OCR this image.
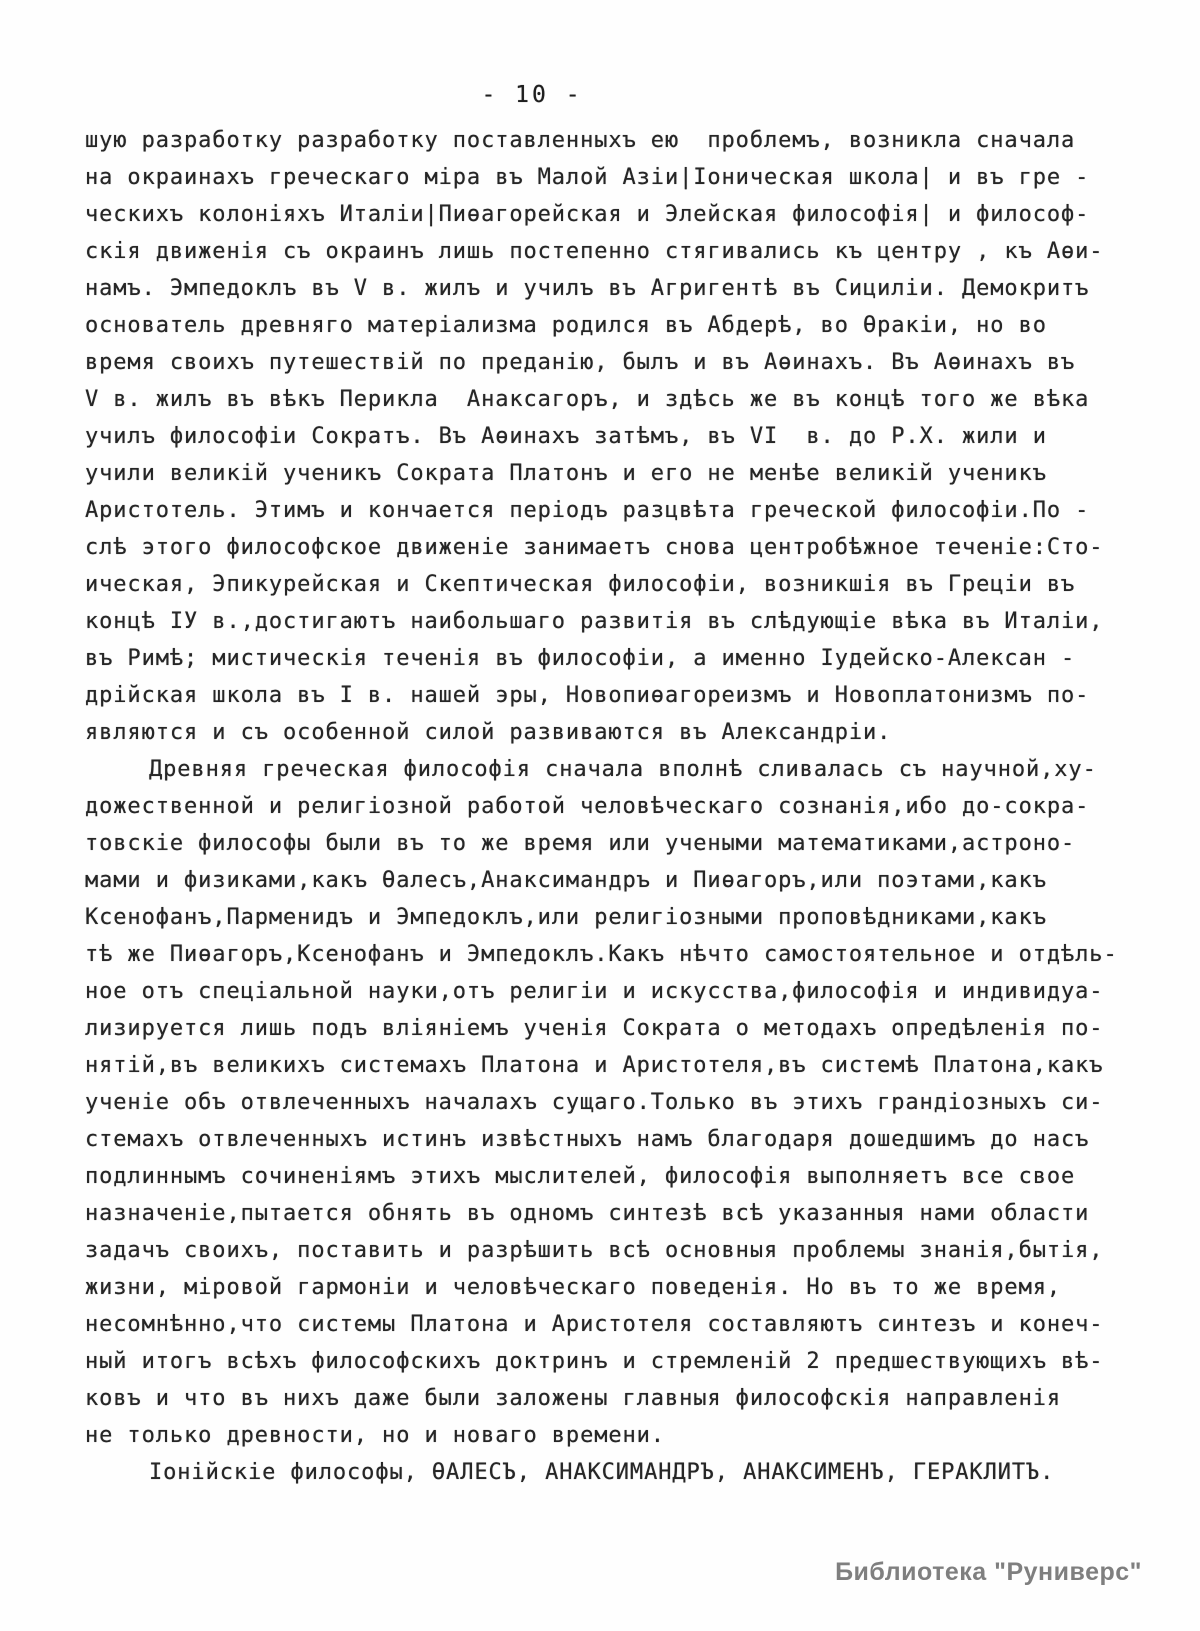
- 10 -
шую разработку разработку поставленныхъ ею  проблемъ, возникла сначала
на окраинахъ греческаго мiра въ Малой Азiи|Iоническая школа| и въ гре -
ческихъ колонiяхъ Италiи|Пиѳагорейская и Элейская философiя| и философ-
скiя движенiя съ окраинъ лишь постепенно стягивались къ центру , къ Аѳи-
намъ. Эмпедоклъ въ V в. жилъ и училъ въ Агригентѣ въ Сицилiи. Демокритъ
основатель древняго матерiализма родился въ Абдерѣ, во Ѳракiи, но во
время своихъ путешествiй по преданiю, былъ и въ Аѳинахъ. Въ Аѳинахъ въ
V в. жилъ въ вѣкъ Перикла  Анаксагоръ, и здѣсь же въ концѣ того же вѣка
училъ философiи Сократъ. Въ Аѳинахъ затѣмъ, въ VI  в. до Р.Х. жили и
учили великiй ученикъ Сократа Платонъ и его не менѣе великiй ученикъ
Аристотель. Этимъ и кончается перiодъ разцвѣта греческой философiи.По -
слѣ этого философское движенiе занимаетъ снова центробѣжное теченiе:Сто-
ическая, Эпикурейская и Скептическая философiи, возникшiя въ Грецiи въ
концѣ IУ в.,достигаютъ наибольшаго развитiя въ слѣдующiе вѣка въ Италiи,
въ Римѣ; мистическiя теченiя въ философiи, а именно Iудейско-Алексан -
дрiйская школа въ I в. нашей эры, Новопиѳагореизмъ и Новоплатонизмъ по-
являются и съ особенной силой развиваются въ Александрiи.
Древняя греческая философiя сначала вполнѣ сливалась съ научной,ху-
дожественной и религiозной работой человѣческаго сознанiя,ибо до-сокра-
товскiе философы были въ то же время или учеными математиками,астроно-
мами и физиками,какъ Ѳалесъ,Анаксимандръ и Пиѳагоръ,или поэтами,какъ
Ксенофанъ,Парменидъ и Эмпедоклъ,или религiозными проповѣдниками,какъ
тѣ же Пиѳагоръ,Ксенофанъ и Эмпедоклъ.Какъ нѣчто самостоятельное и отдѣль-
ное отъ спецiальной науки,отъ религiи и искусства,философiя и индивидуа-
лизируется лишь подъ влiянiемъ ученiя Сократа о методахъ опредѣленiя по-
нятiй,въ великихъ системахъ Платона и Аристотеля,въ системѣ Платона,какъ
ученiе объ отвлеченныхъ началахъ сущаго.Только въ этихъ грандiозныхъ си-
стемахъ отвлеченныхъ истинъ извѣстныхъ намъ благодаря дошедшимъ до насъ
подлиннымъ сочиненiямъ этихъ мыслителей, философiя выполняетъ все свое
назначенiе,пытается обнять въ одномъ синтезѣ всѣ указанныя нами области
задачъ своихъ, поставить и разрѣшить всѣ основныя проблемы знанiя,бытiя,
жизни, мiровой гармонiи и человѣческаго поведенiя. Но въ то же время,
несомнѣнно,что системы Платона и Аристотеля составляютъ синтезъ и конеч-
ный итогъ всѣхъ философскихъ доктринъ и стремленiй 2 предшествующихъ вѣ-
ковъ и что въ нихъ даже были заложены главныя философскiя направленiя
не только древности, но и новаго времени.
Iонiйскiе философы, ѲАЛЕСЪ, АНАКСИМАНДРЪ, АНАКСИМЕНЪ, ГЕРАКЛИТЪ.
Библиотека "Руниверс"
